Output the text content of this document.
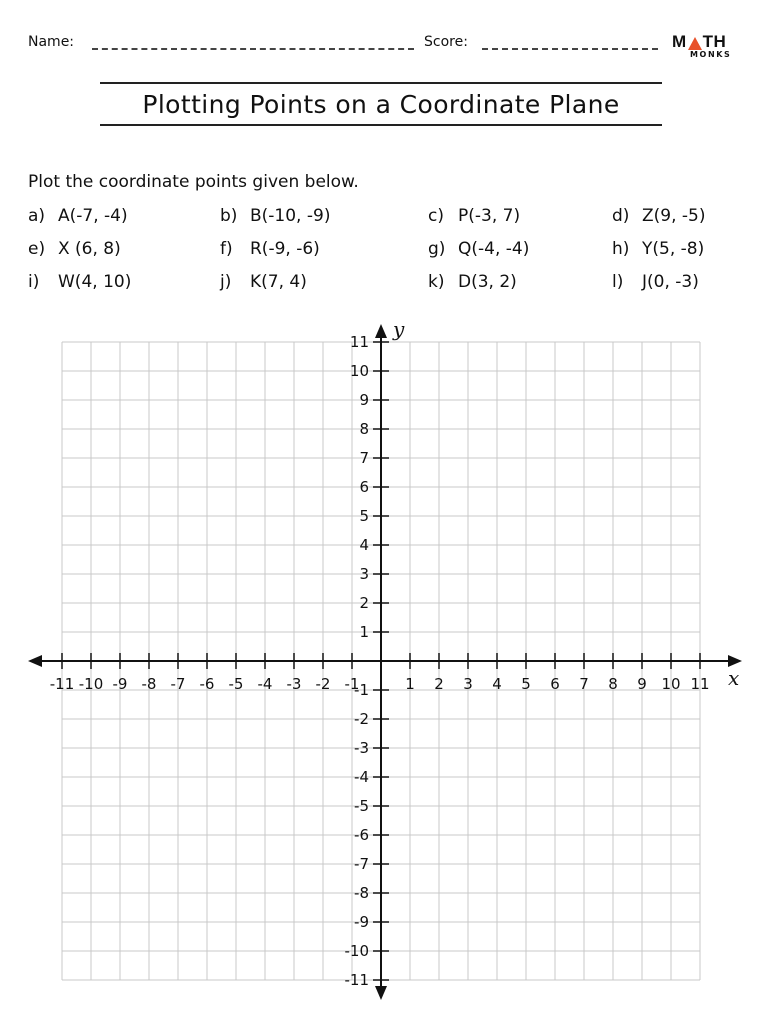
Name:	Score:	M TH
MONKS
Plotting Points on a Coordinate Plane
Plot the coordinate points given below.
a) A(-7, -4)	b) B(-10, -9)	c) P(-3, 7)	d) Z(9, -5)
e) X (6, 8)	f) R(-9, -6)	g) Q(-4, -4)	h) Y(5, -8)
i) W(4, 10)	j) K(7, 4)	k) D(3, 2)	l) J(0, -3)
-11 -10 -9 -8 -7 -6 -5 -4 -3 -2 -1	1 2 3 4 5 6 7 8 9 10 11
-11
-10
-9
-8
-7
-6
-5
-4
-3
-2
-1
1
2
3
4
5
6
7
8
9
10
11
x
y
